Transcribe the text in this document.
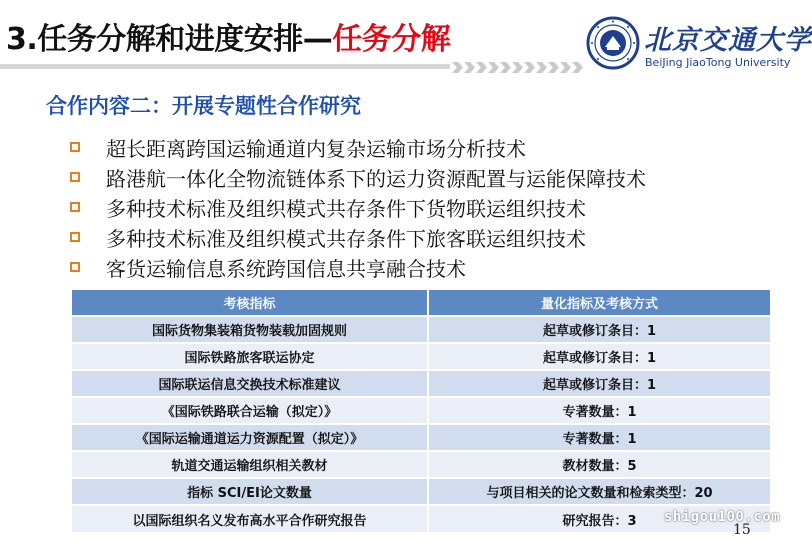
3.任务分解和进度安排—任务分解	北京交通大学
BeiJing JiaoTong University
合作内容二：开展专题性合作研究
超长距离跨国运输通道内复杂运输市场分析技术
路港航一体化全物流链体系下的运力资源配置与运能保障技术
多种技术标准及组织模式共存条件下货物联运组织技术
多种技术标准及组织模式共存条件下旅客联运组织技术
客货运输信息系统跨国信息共享融合技术
考核指标	量化指标及考核方式
国际货物集装箱货物装载加固规则	起草或修订条目：1
国际铁路旅客联运协定	起草或修订条目：1
国际联运信息交换技术标准建议	起草或修订条目：1
《国际铁路联合运输（拟定）》	专著数量：1
《国际运输通道运力资源配置（拟定）》	专著数量：1
轨道交通运输组织相关教材	教材数量：5
指标 SCI/EI论文数量	与项目相关的论文数量和检索类型：20
以国际组织名义发布高水平合作研究报告	研究报告：3 shigou100.com
15
